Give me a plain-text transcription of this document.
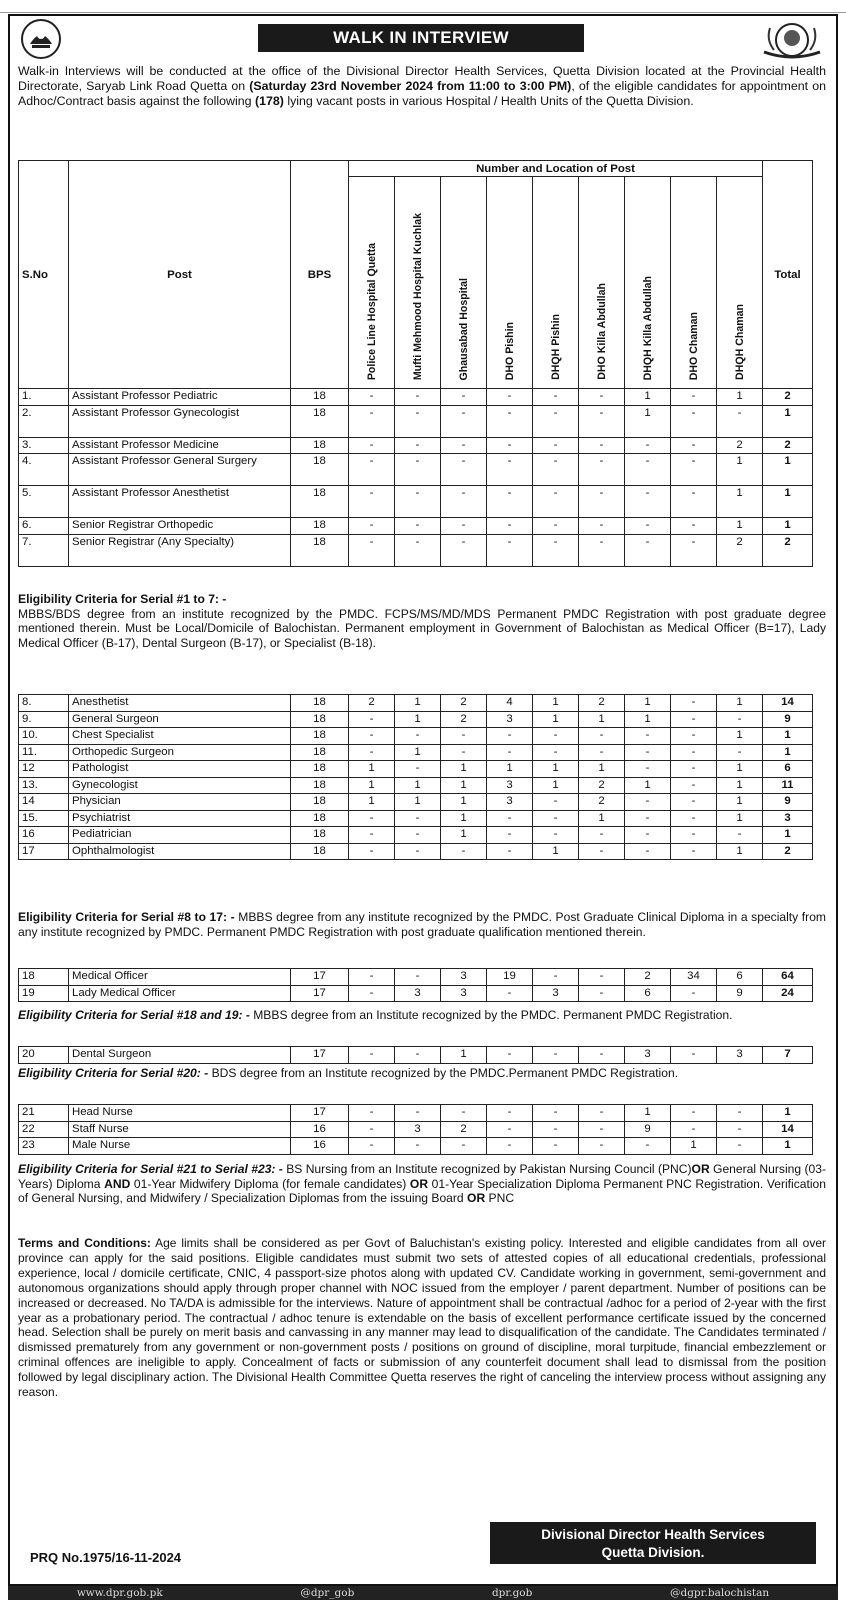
WALK IN INTERVIEW
Walk-in Interviews will be conducted at the office of the Divisional Director Health Services, Quetta Division located at the Provincial Health Directorate, Saryab Link Road Quetta on (Saturday 23rd November 2024 from 11:00 to 3:00 PM), of the eligible candidates for appointment on Adhoc/Contract basis against the following (178) lying vacant posts in various Hospital / Health Units of the Quetta Division.
S.No	Post	BPS	Number and Location of Post									Total

			Police Line Hospital Quetta	Mufti Mehmood Hospital Kuchlak	Ghausabad Hospital	DHO Pishin	DHQH Pishin	DHO Killa Abdullah	DHQH Killa Abdullah	DHO Chaman	DHQH Chaman	

1.	Assistant Professor Pediatric	18	-	-	-	-	-	-	1	-	1	2
2.	Assistant Professor Gynecologist	18	-	-	-	-	-	-	1	-	-	1
3.	Assistant Professor Medicine	18	-	-	-	-	-	-	-	-	2	2
4.	Assistant Professor General Surgery	18	-	-	-	-	-	-	-	-	1	1
5.	Assistant Professor Anesthetist	18	-	-	-	-	-	-	-	-	1	1
6.	Senior Registrar Orthopedic	18	-	-	-	-	-	-	-	-	1	1
7.	Senior Registrar (Any Specialty)	18	-	-	-	-	-	-	-	-	2	2
Eligibility Criteria for Serial #1 to 7: -
MBBS/BDS degree from an institute recognized by the PMDC. FCPS/MS/MD/MDS Permanent PMDC Registration with post graduate degree mentioned therein. Must be Local/Domicile of Balochistan. Permanent employment in Government of Balochistan as Medical Officer (B=17), Lady Medical Officer (B-17), Dental Surgeon (B-17), or Specialist (B-18).
8.	Anesthetist	18	2	1	2	4	1	2	1	-	1	14
9.	General Surgeon	18	-	1	2	3	1	1	1	-	-	9
10.	Chest Specialist	18	-	-	-	-	-	-	-	-	1	1
11.	Orthopedic Surgeon	18	-	1	-	-	-	-	-	-	-	1
12	Pathologist	18	1	-	1	1	1	1	-	-	1	6
13.	Gynecologist	18	1	1	1	3	1	2	1	-	1	11
14	Physician	18	1	1	1	3	-	2	-	-	1	9
15.	Psychiatrist	18	-	-	1	-	-	1	-	-	1	3
16	Pediatrician	18	-	-	1	-	-	-	-	-	-	1
17	Ophthalmologist	18	-	-	-	-	1	-	-	-	1	2
Eligibility Criteria for Serial #8 to 17: - MBBS degree from any institute recognized by the PMDC. Post Graduate Clinical Diploma in a specialty from any institute recognized by PMDC. Permanent PMDC Registration with post graduate qualification mentioned therein.
18	Medical Officer	17	-	-	3	19	-	-	2	34	6	64
19	Lady Medical Officer	17	-	3	3	-	3	-	6	-	9	24
Eligibility Criteria for Serial #18 and 19: - MBBS degree from an Institute recognized by the PMDC. Permanent PMDC Registration.
20	Dental Surgeon	17	-	-	1	-	-	-	3	-	3	7
Eligibility Criteria for Serial #20: - BDS degree from an Institute recognized by the PMDC.Permanent PMDC Registration.
21	Head Nurse	17	-	-	-	-	-	-	1	-	-	1
22	Staff Nurse	16	-	3	2	-	-	-	9	-	-	14
23	Male Nurse	16	-	-	-	-	-	-	-	1	-	1
Eligibility Criteria for Serial #21 to Serial #23: - BS Nursing from an Institute recognized by Pakistan Nursing Council (PNC)OR General Nursing (03-Years) Diploma AND 01-Year Midwifery Diploma (for female candidates) OR 01-Year Specialization Diploma Permanent PNC Registration. Verification of General Nursing, and Midwifery / Specialization Diplomas from the issuing Board OR PNC
Terms and Conditions: Age limits shall be considered as per Govt of Baluchistan's existing policy. Interested and eligible candidates from all over province can apply for the said positions. Eligible candidates must submit two sets of attested copies of all educational credentials, professional experience, local / domicile certificate, CNIC, 4 passport-size photos along with updated CV. Candidate working in government, semi-government and autonomous organizations should apply through proper channel with NOC issued from the employer / parent department. Number of positions can be increased or decreased. No TA/DA is admissible for the interviews. Nature of appointment shall be contractual /adhoc for a period of 2-year with the first year as a probationary period. The contractual / adhoc tenure is extendable on the basis of excellent performance certificate issued by the concerned head. Selection shall be purely on merit basis and canvassing in any manner may lead to disqualification of the candidate. The Candidates terminated / dismissed prematurely from any government or non-government posts / positions on ground of discipline, moral turpitude, financial embezzlement or criminal offences are ineligible to apply. Concealment of facts or submission of any counterfeit document shall lead to dismissal from the position followed by legal disciplinary action. The Divisional Health Committee Quetta reserves the right of canceling the interview process without assigning any reason.
Divisional Director Health Services
Quetta Division.
PRQ No.1975/16-11-2024
www.dpr.gob.pk	@dpr_gob	dpr.gob	@dgpr.balochistan
